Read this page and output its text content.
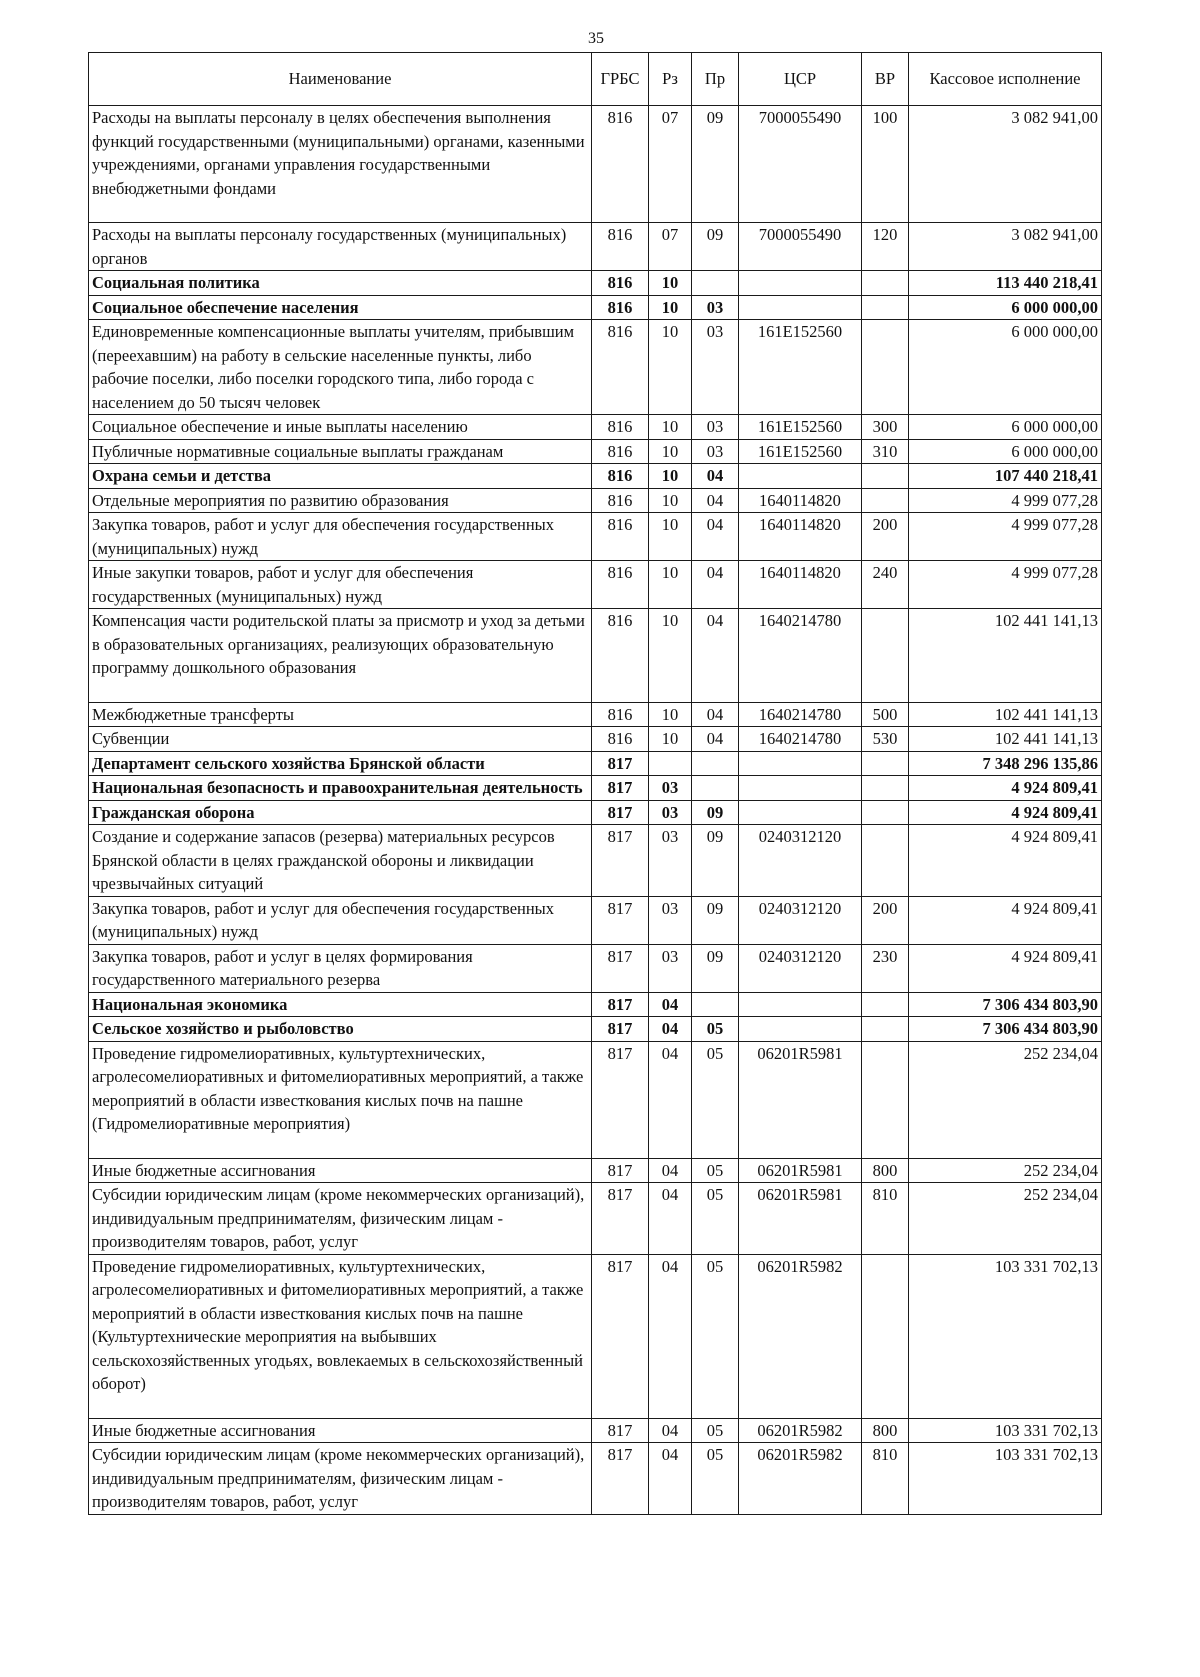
35
Наименование	ГРБС	Рз	Пр	ЦСР	ВР	Кассовое исполнение
Расходы на выплаты персоналу в целях обеспечения выполнения функций государственными (муниципальными) органами, казенными учреждениями, органами управления государственными внебюджетными фондами	816	07	09	7000055490	100	3 082 941,00
Расходы на выплаты персоналу государственных (муниципальных) органов	816	07	09	7000055490	120	3 082 941,00
Социальная политика	816	10				113 440 218,41
Социальное обеспечение населения	816	10	03			6 000 000,00
Единовременные компенсационные выплаты учителям, прибывшим (переехавшим) на работу в сельские населенные пункты, либо рабочие поселки, либо поселки городского типа, либо города с населением до 50 тысяч человек	816	10	03	161E152560		6 000 000,00
Социальное обеспечение и иные выплаты населению	816	10	03	161E152560	300	6 000 000,00
Публичные нормативные социальные выплаты гражданам	816	10	03	161E152560	310	6 000 000,00
Охрана семьи и детства	816	10	04			107 440 218,41
Отдельные мероприятия по развитию образования	816	10	04	1640114820		4 999 077,28
Закупка товаров, работ и услуг для обеспечения государственных (муниципальных) нужд	816	10	04	1640114820	200	4 999 077,28
Иные закупки товаров, работ и услуг для обеспечения государственных (муниципальных) нужд	816	10	04	1640114820	240	4 999 077,28
Компенсация части родительской платы за присмотр и уход за детьми в образовательных организациях, реализующих образовательную программу дошкольного образования	816	10	04	1640214780		102 441 141,13
Межбюджетные трансферты	816	10	04	1640214780	500	102 441 141,13
Субвенции	816	10	04	1640214780	530	102 441 141,13
Департамент сельского хозяйства Брянской области	817					7 348 296 135,86
Национальная безопасность и правоохранительная деятельность	817	03				4 924 809,41
Гражданская оборона	817	03	09			4 924 809,41
Создание и содержание запасов (резерва) материальных ресурсов Брянской области в целях гражданской обороны и ликвидации чрезвычайных ситуаций	817	03	09	0240312120		4 924 809,41
Закупка товаров, работ и услуг для обеспечения государственных (муниципальных) нужд	817	03	09	0240312120	200	4 924 809,41
Закупка товаров, работ и услуг в целях формирования государственного материального резерва	817	03	09	0240312120	230	4 924 809,41
Национальная экономика	817	04				7 306 434 803,90
Сельское хозяйство и рыболовство	817	04	05			7 306 434 803,90
Проведение гидромелиоративных, культуртехнических, агролесомелиоративных и фитомелиоративных мероприятий, а также мероприятий в области известкования кислых почв на пашне (Гидромелиоративные мероприятия)	817	04	05	06201R5981		252 234,04
Иные бюджетные ассигнования	817	04	05	06201R5981	800	252 234,04
Субсидии юридическим лицам (кроме некоммерческих организаций), индивидуальным предпринимателям, физическим лицам - производителям товаров, работ, услуг	817	04	05	06201R5981	810	252 234,04
Проведение гидромелиоративных, культуртехнических, агролесомелиоративных и фитомелиоративных мероприятий, а также мероприятий в области известкования кислых почв на пашне (Культуртехнические мероприятия на выбывших сельскохозяйственных угодьях, вовлекаемых в сельскохозяйственный оборот)	817	04	05	06201R5982		103 331 702,13
Иные бюджетные ассигнования	817	04	05	06201R5982	800	103 331 702,13
Субсидии юридическим лицам (кроме некоммерческих организаций), индивидуальным предпринимателям, физическим лицам - производителям товаров, работ, услуг	817	04	05	06201R5982	810	103 331 702,13
